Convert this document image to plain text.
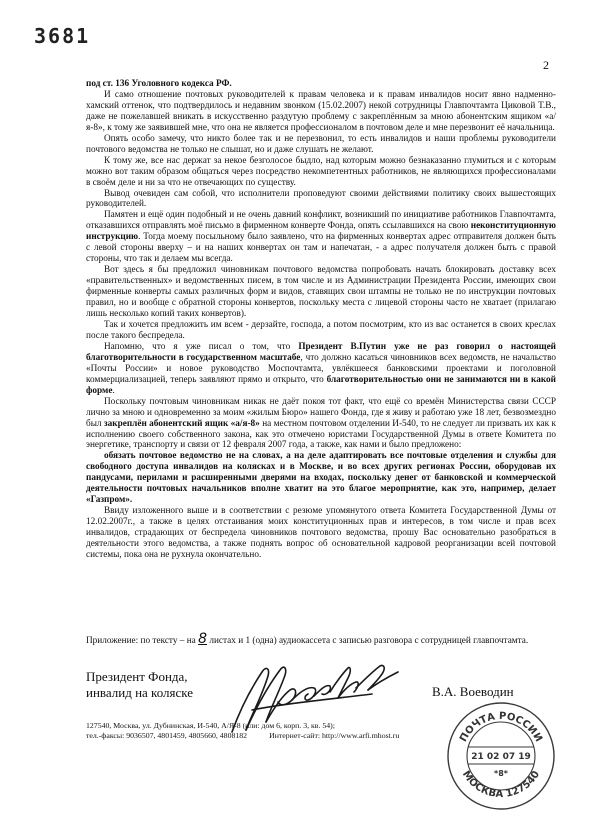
3681
2

под ст. 136 Уголовного кодекса РФ.

И само отношение почтовых руководителей к правам человека и к правам инвалидов носит явно надменно-хамский оттенок, что подтвердилось и недавним звонком (15.02.2007) некой сотрудницы Главпочтамта Циковой Т.В., даже не пожелавшей вникать в искусственно раздутую проблему с закреплённым за мною абонентским ящиком «а/я-8», к тому же заявившей мне, что она не является профессионалом в почтовом деле и мне перезвонит её начальница.

Опять особо замечу, что никто более так и не перезвонил, то есть инвалидов и наши проблемы руководители почтового ведомства не только не слышат, но и даже слушать не желают.

К тому же, все нас держат за некое безголосое быдло, над которым можно безнаказанно глумиться и с которым можно вот таким образом общаться через посредство некомпетентных работников, не являющихся профессионалами в своём деле и ни за что не отвечающих по существу.

Вывод очевиден сам собой, что исполнители проповедуют своими действиями политику своих вышестоящих руководителей.

Памятен и ещё один подобный и не очень давний конфликт, возникший по инициативе работников Главпочтамта, отказавшихся отправлять моё письмо в фирменном конверте Фонда, опять ссылавшихся на свою неконституционную инструкцию. Тогда моему посыльному было заявлено, что на фирменных конвертах адрес отправителя должен быть с левой стороны вверху – и на наших конвертах он там и напечатан, - а адрес получателя должен быть с правой стороны, что так и делаем мы всегда.

Вот здесь я бы предложил чиновникам почтового ведомства попробовать начать блокировать доставку всех «правительственных» и ведомственных писем, в том числе и из Администрации Президента России, имеющих свои фирменные конверты самых различных форм и видов, ставящих свои штампы не только не по инструкции почтовых правил, но и вообще с обратной стороны конвертов, поскольку места с лицевой стороны часто не хватает (прилагаю лишь несколько копий таких конвертов).

Так и хочется предложить им всем - дерзайте, господа, а потом посмотрим, кто из вас останется в своих креслах после такого беспредела.

Напомню, что я уже писал о том, что Президент В.Путин уже не раз говорил о настоящей благотворительности в государственном масштабе, что должно касаться чиновников всех ведомств, не начальство «Почты России» и новое руководство Моспочтамта, увлёкшееся банковскими проектами и поголовной коммерциализацией, теперь заявляют прямо и открыто, что благотворительностью они не занимаются ни в какой форме.

Поскольку почтовым чиновникам никак не даёт покоя тот факт, что ещё со времён Министерства связи СССР лично за мною и одновременно за моим «жилым Бюро» нашего Фонда, где я живу и работаю уже 18 лет, безвозмездно был закреплён абонентский ящик «а/я-8» на местном почтовом отделении И-540, то не следует ли призвать их как к исполнению своего собственного закона, как это отмечено юристами Государственной Думы в ответе Комитета по энергетике, транспорту и связи от 12 февраля 2007 года, а также, как нами и было предложено:

обязать почтовое ведомство не на словах, а на деле адаптировать все почтовые отделения и службы для свободного доступа инвалидов на колясках и в Москве, и во всех других регионах России, оборудовав их пандусами, перилами и расширенными дверями на входах, поскольку денег от банковской и коммерческой деятельности почтовых начальников вполне хватит на это благое мероприятие, как это, например, делает «Газпром».

Ввиду изложенного выше и в соответствии с резюме упомянутого ответа Комитета Государственной Думы от 12.02.2007г., а также в целях отстаивания моих конституционных прав и интересов, в том числе и прав всех инвалидов, страдающих от беспредела чиновников почтового ведомства, прошу Вас основательно разобраться в деятельности этого ведомства, а также поднять вопрос об основательной кадровой реорганизации всей почтовой системы, пока она не рухнула окончательно.

Приложение: по тексту – на 8 листах и 1 (одна) аудиокассета с записью разговора с сотрудницей главпочтамта.
Президент Фонда,
инвалид на коляске	В.А. Воеводин
127540, Москва, ул. Дубнинская, И-540, А/Я-8 (или: дом 6, корп. 3, кв. 54);
тел.-факсы: 9036507, 4801459, 4805660, 4808182	Интернет-сайт: http://www.arfi.mhost.ru	ПОЧТА РОССИИ
21 02 07 19
*8*
МОСКВА 127540
